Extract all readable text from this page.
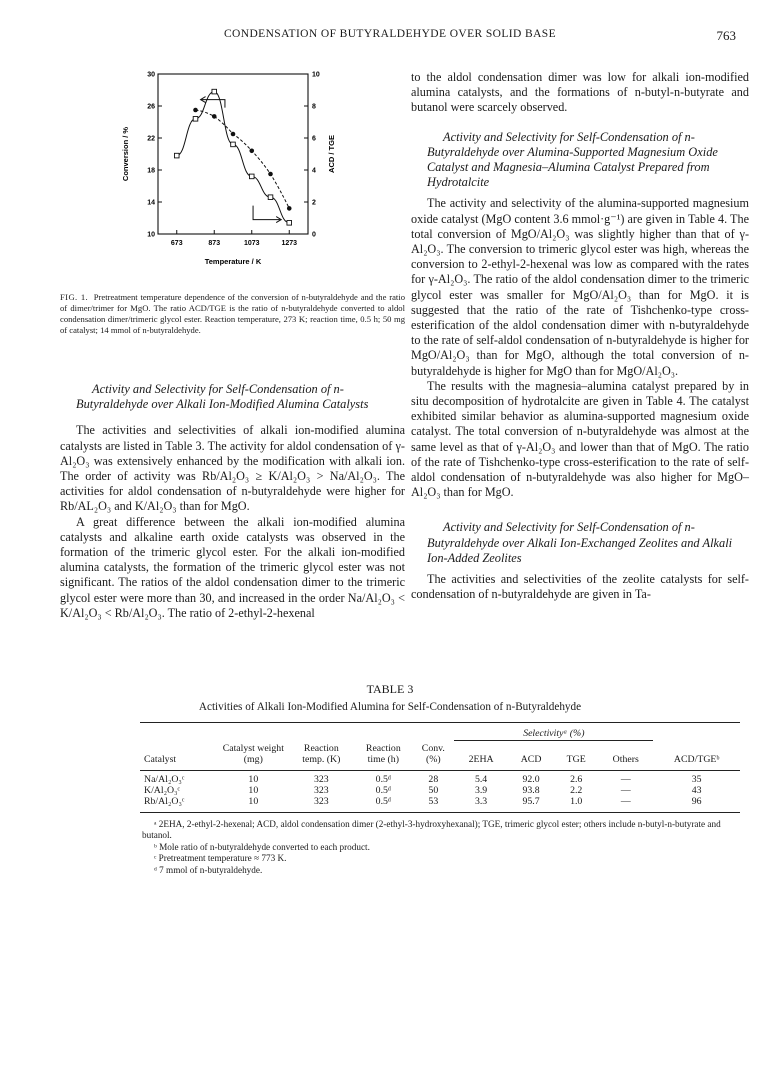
CONDENSATION OF BUTYRALDEHYDE OVER SOLID BASE	763
673	873	1073	1273
10
14
18
22
26
30
0
2
4
6
8
10
Temperature / K
Conversion / %	ACD / TGE
FIG. 1. Pretreatment temperature dependence of the conversion of n-butyraldehyde and the ratio of dimer/trimer for MgO. The ratio ACD/TGE is the ratio of n-butyraldehyde converted to aldol condensation dimer/trimeric glycol ester. Reaction temperature, 273 K; reaction time, 0.5 h; 50 mg of catalyst; 14 mmol of n-butyraldehyde.

Activity and Selectivity for Self-Condensation of n-Butyraldehyde over Alkali Ion-Modified Alumina Catalysts

The activities and selectivities of alkali ion-modified alumina catalysts are listed in Table 3. The activity for aldol condensation of γ-Al₂O₃ was extensively enhanced by the modification with alkali ion. The order of activity was Rb/Al₂O₃ ≥ K/Al₂O₃ > Na/Al₂O₃. The activities for aldol condensation of n-butyraldehyde were higher for Rb/AL₂O₃ and K/Al₂O₃ than for MgO.

A great difference between the alkali ion-modified alumina catalysts and alkaline earth oxide catalysts was observed in the formation of the trimeric glycol ester. For the alkali ion-modified alumina catalysts, the formation of the trimeric glycol ester was not significant. The ratios of the aldol condensation dimer to the trimeric glycol ester were more than 30, and increased in the order Na/Al₂O₃ < K/Al₂O₃ < Rb/Al₂O₃. The ratio of 2-ethyl-2-hexenal

to the aldol condensation dimer was low for alkali ion-modified alumina catalysts, and the formations of n-butyl-n-butyrate and butanol were scarcely observed.

Activity and Selectivity for Self-Condensation of n-Butyraldehyde over Alumina-Supported Magnesium Oxide Catalyst and Magnesia–Alumina Catalyst Prepared from Hydrotalcite

The activity and selectivity of the alumina-supported magnesium oxide catalyst (MgO content 3.6 mmol·g⁻¹) are given in Table 4. The total conversion of MgO/Al₂O₃ was slightly higher than that of γ-Al₂O₃. The conversion to trimeric glycol ester was high, whereas the conversion to 2-ethyl-2-hexenal was low as compared with the rates for γ-Al₂O₃. The ratio of the aldol condensation dimer to the trimeric glycol ester was smaller for MgO/Al₂O₃ than for MgO. it is suggested that the ratio of the rate of Tishchenko-type cross-esterification of the aldol condensation dimer with n-butyraldehyde to the rate of self-aldol condensation of n-butyraldehyde is higher for MgO/Al₂O₃ than for MgO, although the total conversion of n-butyraldehyde is higher for MgO than for MgO/Al₂O₃.

The results with the magnesia–alumina catalyst prepared by in situ decomposition of hydrotalcite are given in Table 4. The catalyst exhibited similar behavior as alumina-supported magnesium oxide catalyst. The total conversion of n-butyraldehyde was almost at the same level as that of γ-Al₂O₃ and lower than that of MgO. The ratio of the rate of Tishchenko-type cross-esterification to the rate of self-aldol condensation of n-butyraldehyde was also higher for MgO–Al₂O₃ than for MgO.

Activity and Selectivity for Self-Condensation of n-Butyraldehyde over Alkali Ion-Exchanged Zeolites and Alkali Ion-Added Zeolites

The activities and selectivities of the zeolite catalysts for self-condensation of n-butyraldehyde are given in Ta-

TABLE 3
Activities of Alkali Ion-Modified Alumina for Self-Condensation of n-Butyraldehyde
					Selectivityᵃ (%)				

Catalyst	Catalyst weight (mg)	Reaction temp. (K)	Reaction time (h)	Conv. (%)	2EHA	ACD	TGE	Others	ACD/TGEᵇ

Na/Al₂O₃ᶜ	10	323	0.5ᵈ	28	5.4	92.0	2.6	—	35
K/Al₂O₃ᶜ	10	323	0.5ᵈ	50	3.9	93.8	2.2	—	43
Rb/Al₂O₃ᶜ	10	323	0.5ᵈ	53	3.3	95.7	1.0	—	96

ᵃ 2EHA, 2-ethyl-2-hexenal; ACD, aldol condensation dimer (2-ethyl-3-hydroxyhexanal); TGE, trimeric glycol ester; others include n-butyl-n-butyrate and butanol.
ᵇ Mole ratio of n-butyraldehyde converted to each product.
ᶜ Pretreatment temperature ≈ 773 K.
ᵈ 7 mmol of n-butyraldehyde.
